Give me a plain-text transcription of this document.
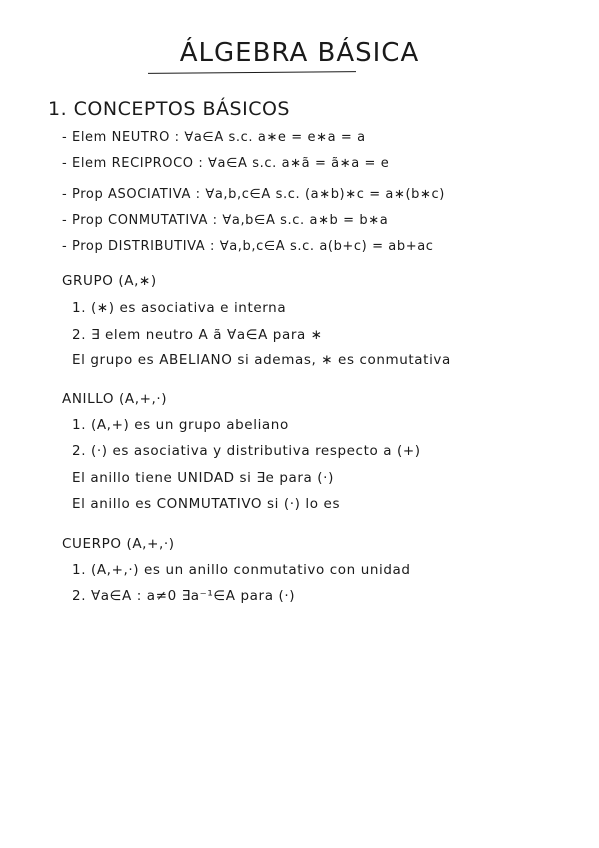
ÁLGEBRA BÁSICA
1. CONCEPTOS BÁSICOS
- Elem NEUTRO : ∀a∈A s.c. a∗e = e∗a = a
- Elem RECIPROCO : ∀a∈A s.c. a∗ã = ã∗a = e
- Prop ASOCIATIVA : ∀a,b,c∈A s.c. (a∗b)∗c = a∗(b∗c)
- Prop CONMUTATIVA : ∀a,b∈A s.c. a∗b = b∗a
- Prop DISTRIBUTIVA : ∀a,b,c∈A s.c. a(b+c) = ab+ac
GRUPO (A,∗)
1. (∗) es asociativa e interna
2. ∃ elem neutro A ã ∀a∈A para ∗
El grupo es ABELIANO si ademas, ∗ es conmutativa
ANILLO (A,+,·)
1. (A,+) es un grupo abeliano
2. (·) es asociativa y distributiva respecto a (+)
El anillo tiene UNIDAD si ∃e para (·)
El anillo es CONMUTATIVO si (·) lo es
CUERPO (A,+,·)
1. (A,+,·) es un anillo conmutativo con unidad
2. ∀a∈A : a≠0 ∃a⁻¹∈A para (·)
